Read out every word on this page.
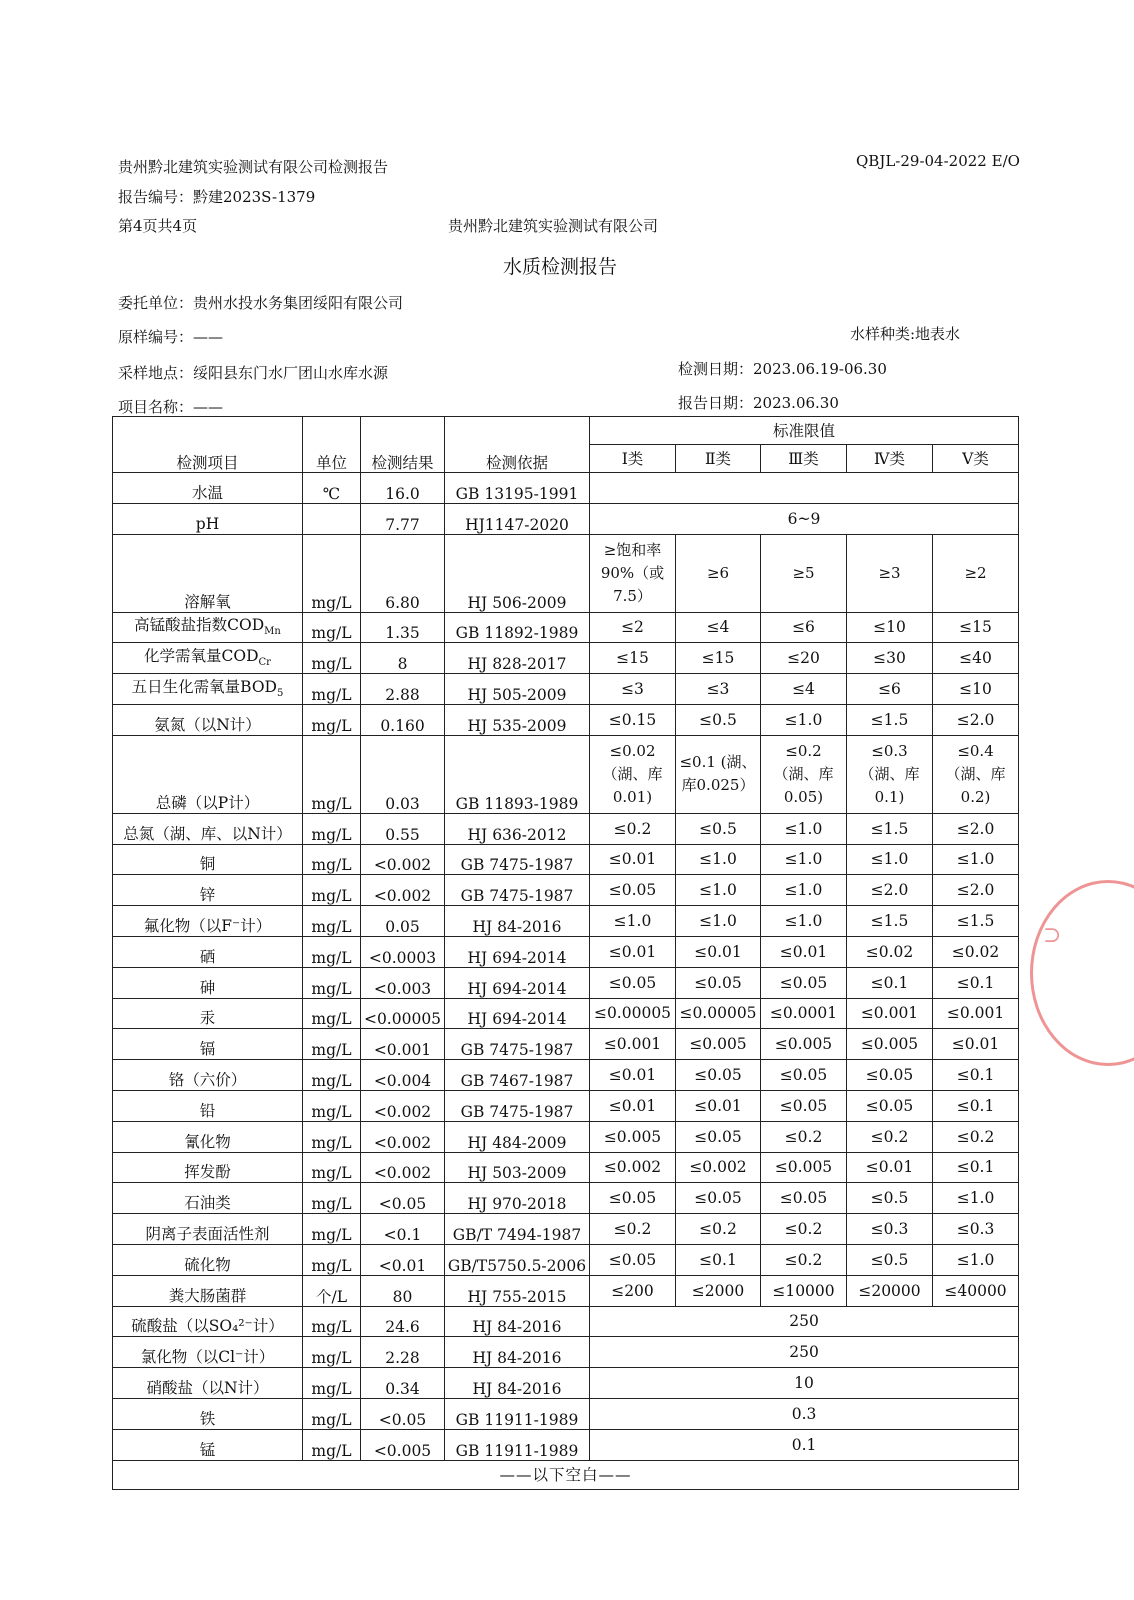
贵州黔北建筑实验测试有限公司检测报告	QBJL-29-04-2022 E/O
报告编号：黔建2023S-1379
第4页共4页	贵州黔北建筑实验测试有限公司
水质检测报告
委托单位：贵州水投水务集团绥阳有限公司
原样编号：——	水样种类:地表水
采样地点：绥阳县东门水厂团山水库水源	检测日期：2023.06.19-06.30
项目名称：——	报告日期：2023.06.30
检测项目	单位	检测结果	检测依据	标准限值				
				Ⅰ类	Ⅱ类	Ⅲ类	Ⅳ类	Ⅴ类
水温	℃	16.0	GB 13195-1991					
pH		7.77	HJ1147-2020	6~9				
溶解氧	mg/L	6.80	HJ 506-2009	≥饱和率90%（或7.5）	≥6	≥5	≥3	≥2
高锰酸盐指数$COD_{Mn}$	mg/L	1.35	GB 11892-1989	≤2	≤4	≤6	≤10	≤15
化学需氧量$COD_{Cr}$	mg/L	8	HJ 828-2017	≤15	≤15	≤20	≤30	≤40
五日生化需氧量$BOD_5$	mg/L	2.88	HJ 505-2009	≤3	≤3	≤4	≤6	≤10
氨氮（以N计）	mg/L	0.160	HJ 535-2009	≤0.15	≤0.5	≤1.0	≤1.5	≤2.0
总磷（以P计）	mg/L	0.03	GB 11893-1989	≤0.02（湖、库0.01)	≤0.1 (湖、库0.025）	≤0.2（湖、库0.05)	≤0.3（湖、库0.1)	≤0.4（湖、库0.2)
总氮（湖、库、以N计）	mg/L	0.55	HJ 636-2012	≤0.2	≤0.5	≤1.0	≤1.5	≤2.0
铜	mg/L	<0.002	GB 7475-1987	≤0.01	≤1.0	≤1.0	≤1.0	≤1.0
锌	mg/L	<0.002	GB 7475-1987	≤0.05	≤1.0	≤1.0	≤2.0	≤2.0
氟化物（以F⁻计）	mg/L	0.05	HJ 84-2016	≤1.0	≤1.0	≤1.0	≤1.5	≤1.5
硒	mg/L	<0.0003	HJ 694-2014	≤0.01	≤0.01	≤0.01	≤0.02	≤0.02
砷	mg/L	<0.003	HJ 694-2014	≤0.05	≤0.05	≤0.05	≤0.1	≤0.1
汞	mg/L	<0.00005	HJ 694-2014	≤0.00005	≤0.00005	≤0.0001	≤0.001	≤0.001
镉	mg/L	<0.001	GB 7475-1987	≤0.001	≤0.005	≤0.005	≤0.005	≤0.01
铬（六价）	mg/L	<0.004	GB 7467-1987	≤0.01	≤0.05	≤0.05	≤0.05	≤0.1
铅	mg/L	<0.002	GB 7475-1987	≤0.01	≤0.01	≤0.05	≤0.05	≤0.1
氰化物	mg/L	<0.002	HJ 484-2009	≤0.005	≤0.05	≤0.2	≤0.2	≤0.2
挥发酚	mg/L	<0.002	HJ 503-2009	≤0.002	≤0.002	≤0.005	≤0.01	≤0.1
石油类	mg/L	<0.05	HJ 970-2018	≤0.05	≤0.05	≤0.05	≤0.5	≤1.0
阴离子表面活性剂	mg/L	<0.1	GB/T 7494-1987	≤0.2	≤0.2	≤0.2	≤0.3	≤0.3
硫化物	mg/L	<0.01	GB/T5750.5-2006	≤0.05	≤0.1	≤0.2	≤0.5	≤1.0
粪大肠菌群	个/L	80	HJ 755-2015	≤200	≤2000	≤10000	≤20000	≤40000
硫酸盐（以SO₄²⁻计）	mg/L	24.6	HJ 84-2016	250				
氯化物（以Cl⁻计）	mg/L	2.28	HJ 84-2016	250				
硝酸盐（以N计）	mg/L	0.34	HJ 84-2016	10				
铁	mg/L	<0.05	GB 11911-1989	0.3				
锰	mg/L	<0.005	GB 11911-1989	0.1				
——以下空白——								
⊃
